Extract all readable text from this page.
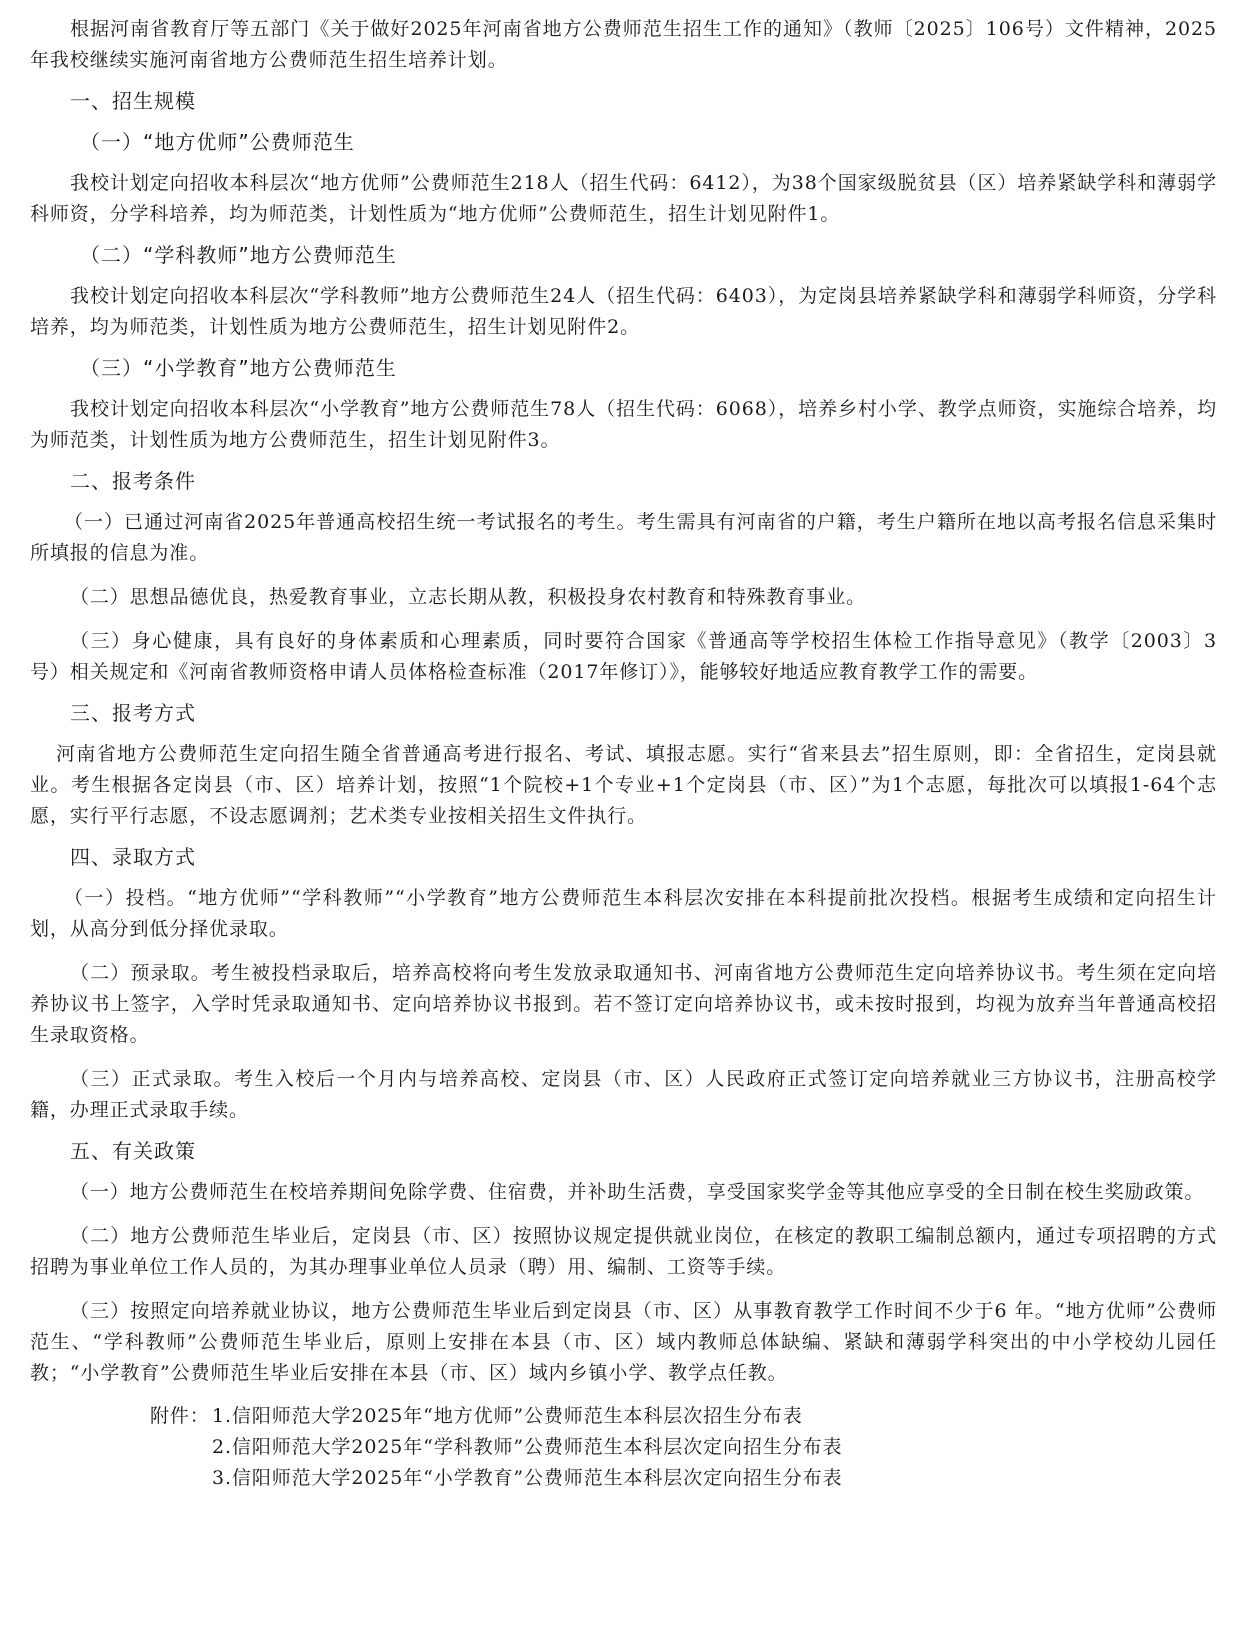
根据河南省教育厅等五部门《关于做好2025年河南省地方公费师范生招生工作的通知》（教师〔2025〕106号）文件精神，2025年我校继续实施河南省地方公费师范生招生培养计划。

一、招生规模
（一）“地方优师”公费师范生

我校计划定向招收本科层次“地方优师”公费师范生218人（招生代码：6412），为38个国家级脱贫县（区）培养紧缺学科和薄弱学科师资，分学科培养，均为师范类，计划性质为“地方优师”公费师范生，招生计划见附件1。

（二）“学科教师”地方公费师范生

我校计划定向招收本科层次“学科教师”地方公费师范生24人（招生代码：6403），为定岗县培养紧缺学科和薄弱学科师资，分学科培养，均为师范类，计划性质为地方公费师范生，招生计划见附件2。

（三）“小学教育”地方公费师范生

我校计划定向招收本科层次“小学教育”地方公费师范生78人（招生代码：6068），培养乡村小学、教学点师资，实施综合培养，均为师范类，计划性质为地方公费师范生，招生计划见附件3。

二、报考条件

（一）已通过河南省2025年普通高校招生统一考试报名的考生。考生需具有河南省的户籍，考生户籍所在地以高考报名信息采集时所填报的信息为准。

（二）思想品德优良，热爱教育事业，立志长期从教，积极投身农村教育和特殊教育事业。

（三）身心健康，具有良好的身体素质和心理素质，同时要符合国家《普通高等学校招生体检工作指导意见》（教学〔2003〕3 号）相关规定和《河南省教师资格申请人员体格检查标准（2017年修订）》，能够较好地适应教育教学工作的需要。

三、报考方式

河南省地方公费师范生定向招生随全省普通高考进行报名、考试、填报志愿。实行“省来县去”招生原则，即：全省招生，定岗县就业。考生根据各定岗县（市、区）培养计划，按照“1个院校+1个专业+1个定岗县（市、区）”为1个志愿，每批次可以填报1-64个志愿，实行平行志愿，不设志愿调剂；艺术类专业按相关招生文件执行。

四、录取方式

（一）投档。“地方优师”“学科教师”“小学教育”地方公费师范生本科层次安排在本科提前批次投档。根据考生成绩和定向招生计划，从高分到低分择优录取。

（二）预录取。考生被投档录取后，培养高校将向考生发放录取通知书、河南省地方公费师范生定向培养协议书。考生须在定向培养协议书上签字，入学时凭录取通知书、定向培养协议书报到。若不签订定向培养协议书，或未按时报到，均视为放弃当年普通高校招生录取资格。

（三）正式录取。考生入校后一个月内与培养高校、定岗县（市、区）人民政府正式签订定向培养就业三方协议书，注册高校学籍，办理正式录取手续。

五、有关政策

（一）地方公费师范生在校培养期间免除学费、住宿费，并补助生活费，享受国家奖学金等其他应享受的全日制在校生奖励政策。

（二）地方公费师范生毕业后，定岗县（市、区）按照协议规定提供就业岗位，在核定的教职工编制总额内，通过专项招聘的方式招聘为事业单位工作人员的，为其办理事业单位人员录（聘）用、编制、工资等手续。

（三）按照定向培养就业协议，地方公费师范生毕业后到定岗县（市、区）从事教育教学工作时间不少于6 年。“地方优师”公费师范生、“学科教师”公费师范生毕业后，原则上安排在本县（市、区）域内教师总体缺编、紧缺和薄弱学科突出的中小学校幼儿园任教；“小学教育”公费师范生毕业后安排在本县（市、区）域内乡镇小学、教学点任教。

附件： 1.信阳师范大学2025年“地方优师”公费师范生本科层次招生分布表
2.信阳师范大学2025年“学科教师”公费师范生本科层次定向招生分布表
3.信阳师范大学2025年“小学教育”公费师范生本科层次定向招生分布表
